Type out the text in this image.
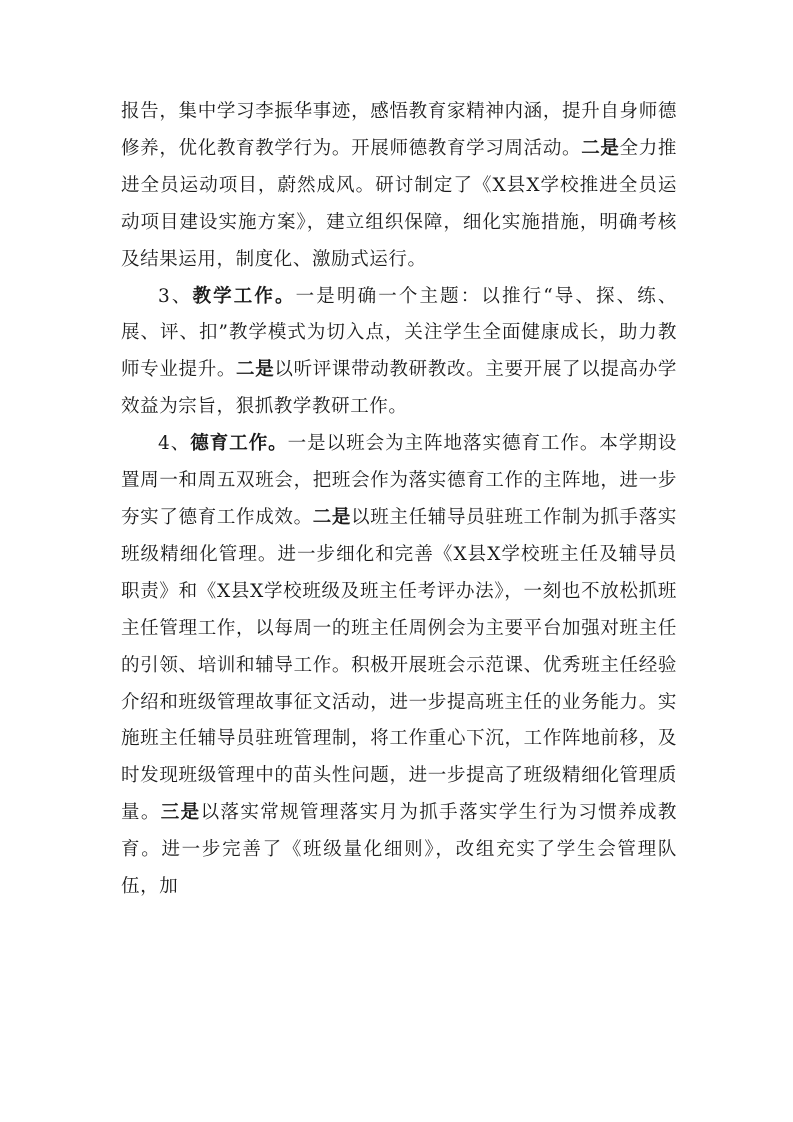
报告，集中学习李振华事迹，感悟教育家精神内涵，提升自身师德修养，优化教育教学行为。开展师德教育学习周活动。二是全力推进全员运动项目，蔚然成风。研讨制定了《X县X学校推进全员运动项目建设实施方案》，建立组织保障，细化实施措施，明确考核及结果运用，制度化、激励式运行。

3、教学工作。一是明确一个主题：以推行“导、探、练、展、评、扣”教学模式为切入点，关注学生全面健康成长，助力教师专业提升。二是以听评课带动教研教改。主要开展了以提高办学效益为宗旨，狠抓教学教研工作。

4、德育工作。一是以班会为主阵地落实德育工作。本学期设置周一和周五双班会，把班会作为落实德育工作的主阵地，进一步夯实了德育工作成效。二是以班主任辅导员驻班工作制为抓手落实班级精细化管理。进一步细化和完善《X县X学校班主任及辅导员职责》和《X县X学校班级及班主任考评办法》，一刻也不放松抓班主任管理工作，以每周一的班主任周例会为主要平台加强对班主任的引领、培训和辅导工作。积极开展班会示范课、优秀班主任经验介绍和班级管理故事征文活动，进一步提高班主任的业务能力。实施班主任辅导员驻班管理制，将工作重心下沉，工作阵地前移，及时发现班级管理中的苗头性问题，进一步提高了班级精细化管理质量。三是以落实常规管理落实月为抓手落实学生行为习惯养成教育。进一步完善了《班级量化细则》，改组充实了学生会管理队伍，加
